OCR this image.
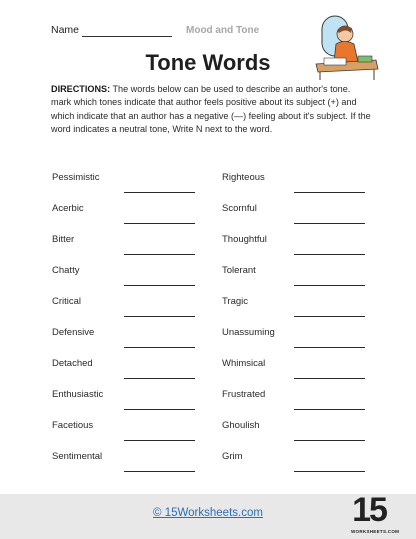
Name	Mood and Tone
Tone Words
DIRECTIONS: The words below can be used to describe an author's tone. mark which tones indicate that author feels positive about its subject (+) and which indicate that an author has a negative (—) feeling about it's subject. If the word indicates a neutral tone, Write N next to the word.
Pessimistic
Acerbic
Bitter
Chatty
Critical
Defensive
Detached
Enthusiastic
Facetious
Sentimental
Righteous
Scornful
Thoughtful
Tolerant
Tragic
Unassuming
Whimsical
Frustrated
Ghoulish
Grim
© 15Worksheets.com	15
WORKSHEETS.COM
